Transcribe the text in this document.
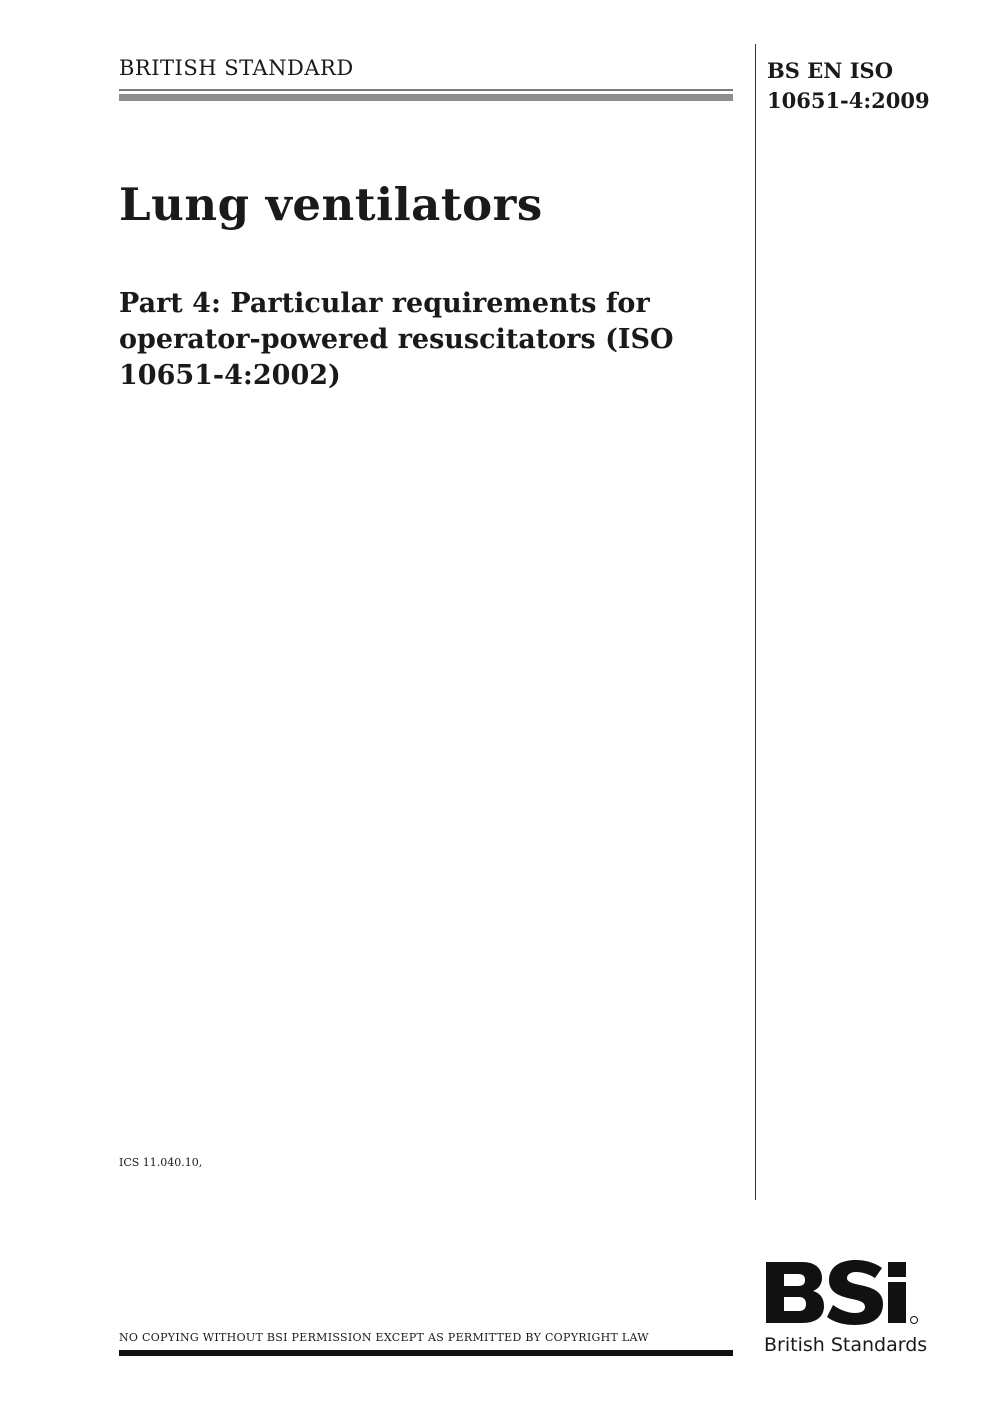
BRITISH STANDARD	BS EN ISO
10651-4:2009
Lung ventilators

Part 4: Particular requirements for operator-powered resuscitators (ISO 10651-4:2002)

ICS 11.040.10,
NO COPYING WITHOUT BSI PERMISSION EXCEPT AS PERMITTED BY COPYRIGHT LAW	British Standards
